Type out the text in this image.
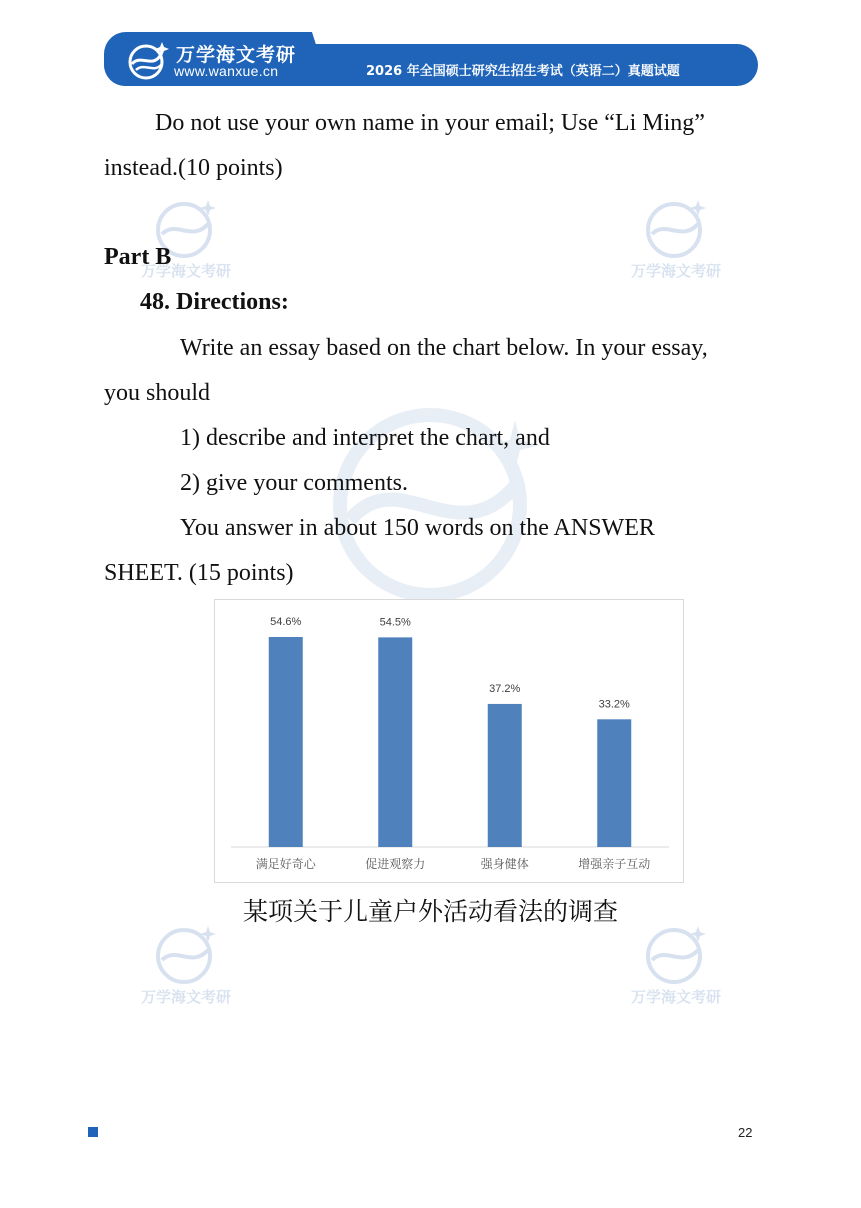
万学海文考研
www.wanxue.cn	2026 年全国硕士研究生招生考试（英语二）真题试题
万学海文考研	万学海文考研
万学海文考研	万学海文考研
Do not use your own name in your email; Use “Li Ming”
instead.(10 points)
Part B
48. Directions:
Write an essay based on the chart below. In your essay,
you should
1) describe and interpret the chart, and
2) give your comments.
You answer in about 150 words on the ANSWER
SHEET. (15 points)
54.6%
满足好奇心
54.5%
促进观察力
37.2%
强身健体
33.2%
增强亲子互动
某项关于儿童户外活动看法的调查
22
